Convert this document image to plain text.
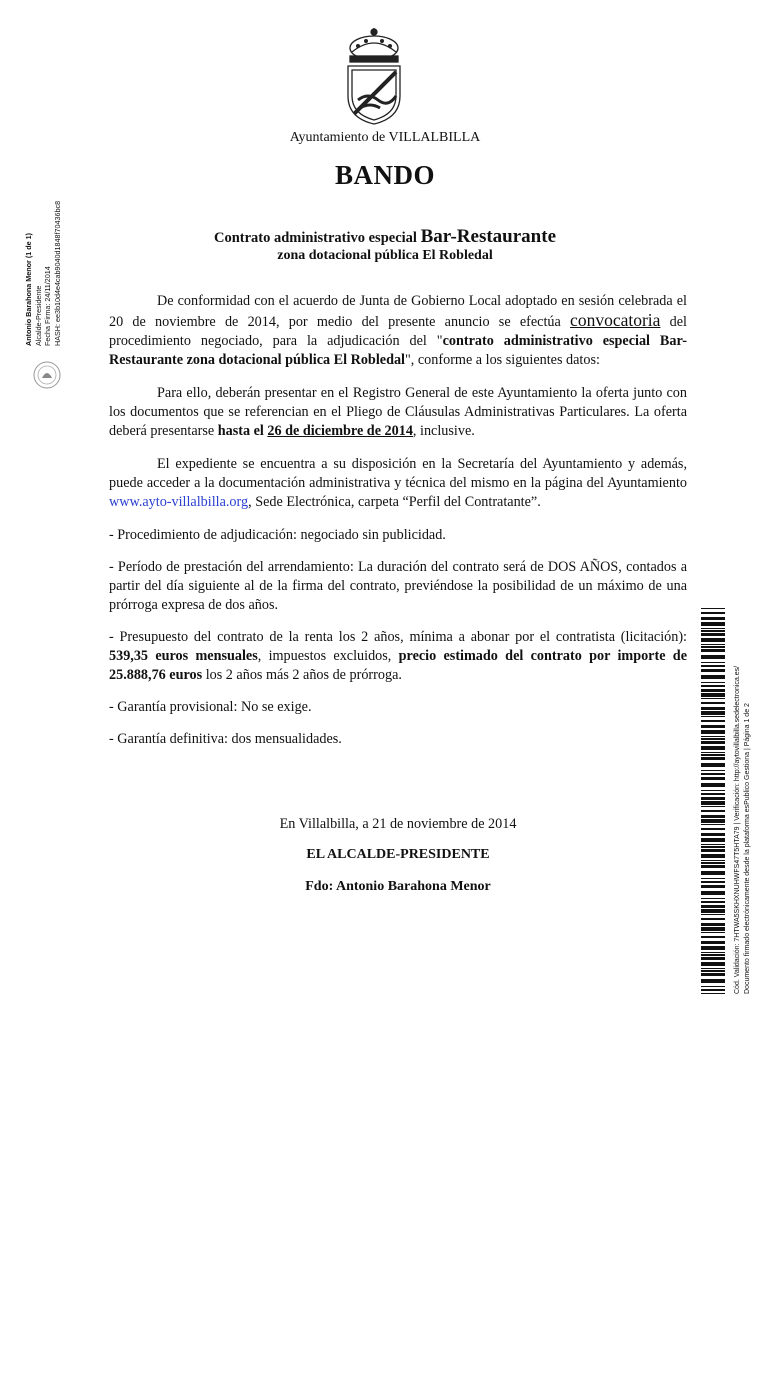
Ayuntamiento de VILLALBILLA
BANDO
Contrato administrativo especial Bar-Restaurante
zona dotacional pública El Robledal

De conformidad con el acuerdo de Junta de Gobierno Local adoptado en sesión celebrada el 20 de noviembre de 2014, por medio del presente anuncio se efectúa convocatoria del procedimiento negociado, para la adjudicación del "contrato administrativo especial Bar-Restaurante zona dotacional pública El Robledal", conforme a los siguientes datos:

Para ello, deberán presentar en el Registro General de este Ayuntamiento la oferta junto con los documentos que se referencian en el Pliego de Cláusulas Administrativas Particulares. La oferta deberá presentarse hasta el 26 de diciembre de 2014, inclusive.

El expediente se encuentra a su disposición en la Secretaría del Ayuntamiento y además, puede acceder a la documentación administrativa y técnica del mismo en la página del Ayuntamiento www.ayto-villalbilla.org, Sede Electrónica, carpeta “Perfil del Contratante”.

- Procedimiento de adjudicación: negociado sin publicidad.

- Período de prestación del arrendamiento: La duración del contrato será de DOS AÑOS, contados a partir del día siguiente al de la firma del contrato, previéndose la posibilidad de un máximo de una prórroga expresa de dos años.

- Presupuesto del contrato de la renta los 2 años, mínima a abonar por el contratista (licitación): 539,35 euros mensuales, impuestos excluidos, precio estimado del contrato por importe de 25.888,76 euros los 2 años más 2 años de prórroga.

- Garantía provisional: No se exige.

- Garantía definitiva: dos mensualidades.

En Villalbilla, a 21 de noviembre de 2014
EL ALCALDE-PRESIDENTE
Fdo: Antonio Barahona Menor
Antonio Barahona Menor (1 de 1) Alcalde-Presidente Fecha Firma: 24/11/2014 HASH: ee3b10d4e4cab9040d1848f70436bc8
Cód. Validación: 7HTWA5SKHXNUHWFS47T5HTA79 | Verificación: http://aytovillalbilla.sedelectronica.es/ Documento firmado electrónicamente desde la plataforma esPublico Gestiona | Página 1 de 2
